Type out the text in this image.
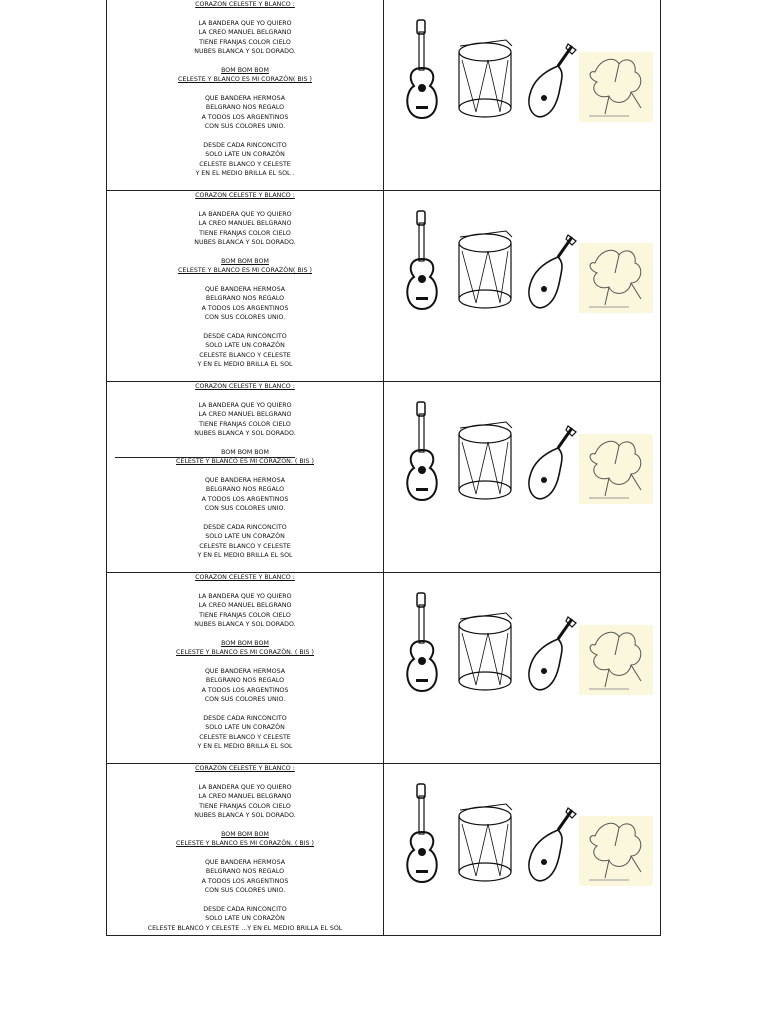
CORAZON CELESTE Y BLANCO :

LA BANDERA QUE YO QUIERO

LA CREO MANUEL BELGRANO

TIENE FRANJAS COLOR CIELO

NUBES BLANCA Y SOL DORADO.

BOM BOM BOM

CELESTE Y BLANCO ES MI CORAZÓN( BIS )

QUE BANDERA HERMOSA

BELGRANO NOS REGALO

A TODOS LOS ARGENTINOS

CON SUS COLORES UNIO.

DESDE CADA RINCONCITO

SOLO LATE UN CORAZÓN

CELESTE BLANCO Y CELESTE

Y EN EL MEDIO BRILLA EL SOL .

CORAZON CELESTE Y BLANCO :

LA BANDERA QUE YO QUIERO

LA CREO MANUEL BELGRANO

TIENE FRANJAS COLOR CIELO

NUBES BLANCA Y SOL DORADO.

BOM BOM BOM

CELESTE Y BLANCO ES MI CORAZÓN( BIS )

QUE BANDERA HERMOSA

BELGRANO NOS REGALO

A TODOS LOS ARGENTINOS

CON SUS COLORES UNIO.

DESDE CADA RINCONCITO

SOLO LATE UN CORAZÓN

CELESTE BLANCO Y CELESTE

Y EN EL MEDIO BRILLA EL SOL

CORAZON CELESTE Y BLANCO :

LA BANDERA QUE YO QUIERO

LA CREO MANUEL BELGRANO

TIENE FRANJAS COLOR CIELO

NUBES BLANCA Y SOL DORADO.

BOM BOM BOM

CELESTE Y BLANCO ES MI CORAZÓN. ( BIS )

QUE BANDERA HERMOSA

BELGRANO NOS REGALO

A TODOS LOS ARGENTINOS

CON SUS COLORES UNIO.

DESDE CADA RINCONCITO

SOLO LATE UN CORAZÓN

CELESTE BLANCO Y CELESTE

Y EN EL MEDIO BRILLA EL SOL

CORAZON CELESTE Y BLANCO :

LA BANDERA QUE YO QUIERO

LA CREO MANUEL BELGRANO

TIENE FRANJAS COLOR CIELO

NUBES BLANCA Y SOL DORADO.

BOM BOM BOM

CELESTE Y BLANCO ES MI CORAZÓN. ( BIS )

QUE BANDERA HERMOSA

BELGRANO NOS REGALO

A TODOS LOS ARGENTINOS

CON SUS COLORES UNIO.

DESDE CADA RINCONCITO

SOLO LATE UN CORAZÓN

CELESTE BLANCO Y CELESTE

Y EN EL MEDIO BRILLA EL SOL

CORAZON CELESTE Y BLANCO :

LA BANDERA QUE YO QUIERO

LA CREO MANUEL BELGRANO

TIENE FRANJAS COLOR CIELO

NUBES BLANCA Y SOL DORADO.

BOM BOM BOM

CELESTE Y BLANCO ES MI CORAZÓN. ( BIS )

QUE BANDERA HERMOSA

BELGRANO NOS REGALO

A TODOS LOS ARGENTINOS

CON SUS COLORES UNIO.

DESDE CADA RINCONCITO

SOLO LATE UN CORAZÓN

CELESTE BLANCO Y CELESTE ...Y EN EL MEDIO BRILLA EL SOL
